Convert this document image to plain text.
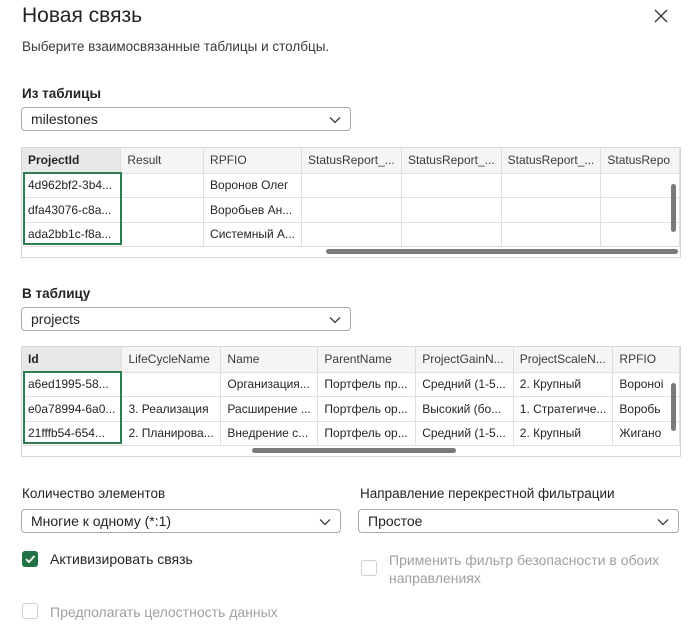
Новая связь
Выберите взаимосвязанные таблицы и столбцы.
Из таблицы
milestones
ProjectId	Result	RPFIO	StatusReport_...	StatusReport_...	StatusReport_...	StatusRepo
4d962bf2-3b4...		Воронов Олег				
dfa43076-c8a...		Воробьев Ан...				
ada2bb1c-f8a...		Системный А...				
В таблицу
projects
Id	LifeCycleName	Name	ParentName	ProjectGainN...	ProjectScaleN...	RPFIO
a6ed1995-58...		Организация...	Портфель пр...	Средний (1-5...	2. Крупный	Вороноі
e0a78994-6a0...	3. Реализация	Расширение ...	Портфель ор...	Высокий (бо...	1. Стратегиче...	Воробь
21fffb54-654...	2. Планирова...	Внедрение с...	Портфель ор...	Средний (1-5...	2. Крупный	Жигано
Количество элементов
Многие к одному (*:1)
Направление перекрестной фильтрации
Простое
Активизировать связь	Применить фильтр безопасности в обоих
направлениях
Предполагать целостность данных
